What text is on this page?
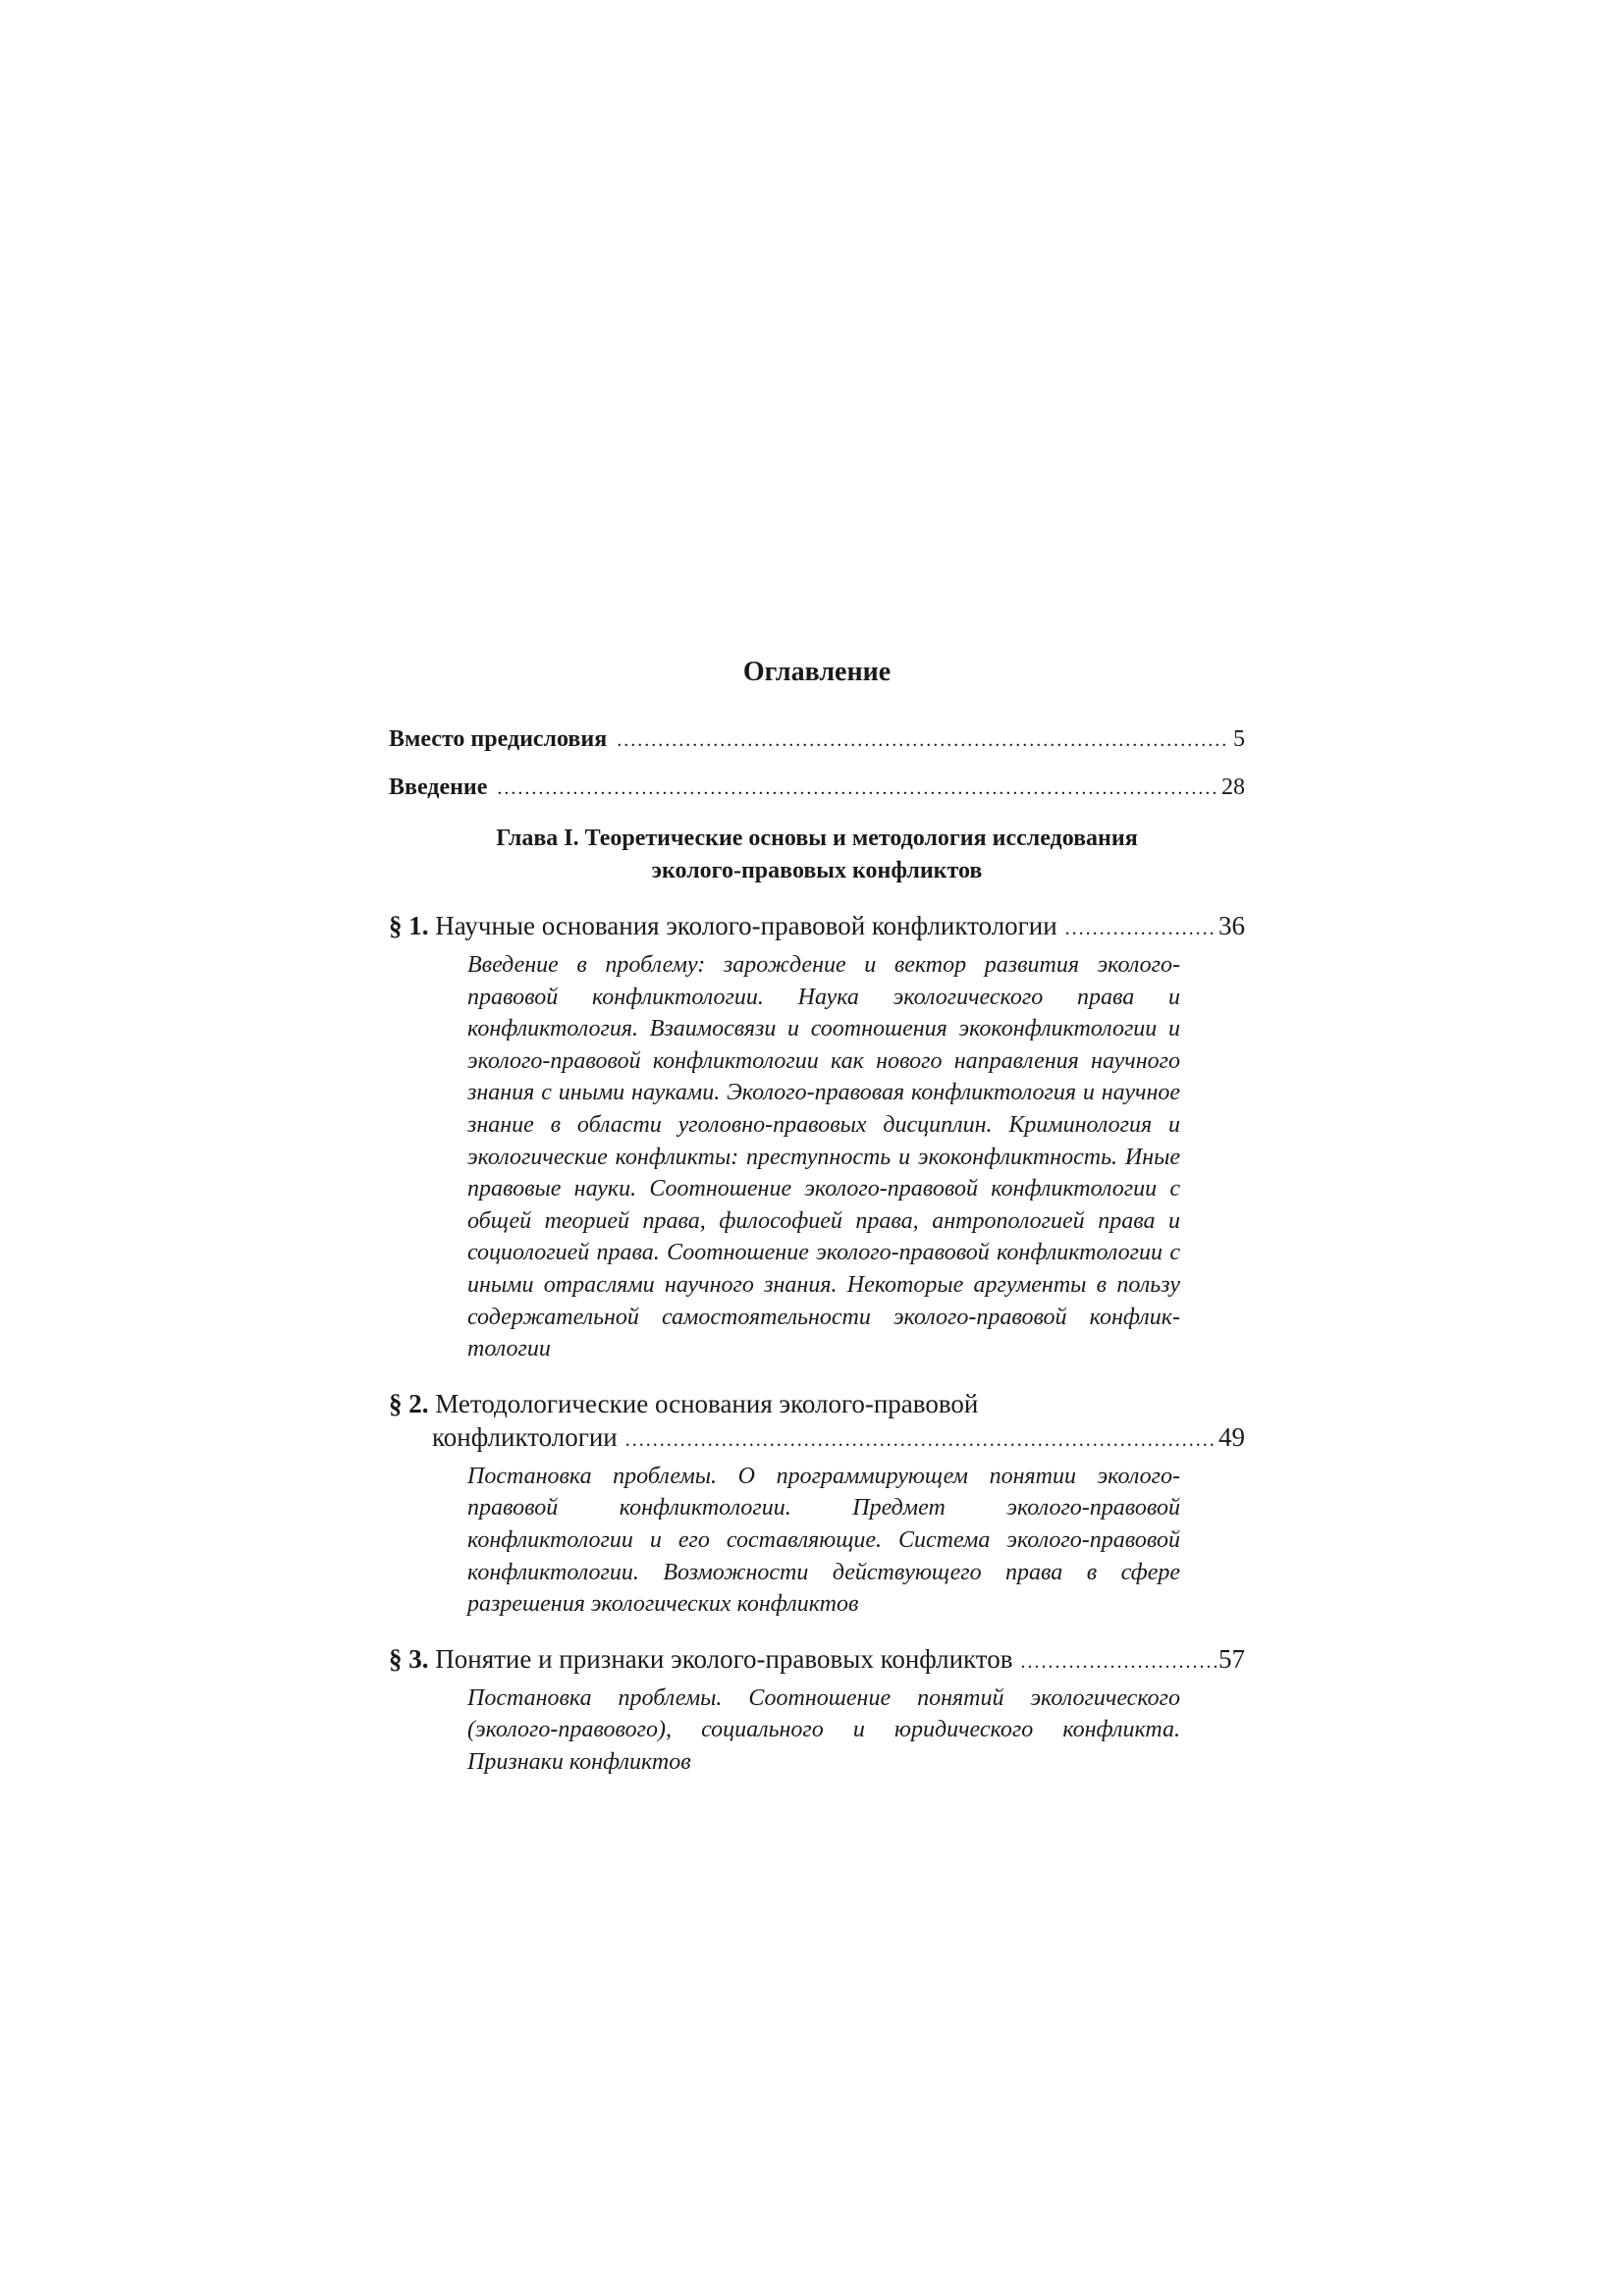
Оглавление
Вместо предисловия . . .	5
Введение . . .	28
Глава I. Теоретические основы и методология исследования
эколого-правовых конфликтов
§ 1.
Научные основания эколого-правовой конфликтологии . . .	36
Введение в проблему: зарождение и вектор развития эколого-правовой конфликтологии. Наука экологического права и конфликтология. Взаимосвязи и соотношения экоконфликтологии и эколого-правовой конфликтологии как нового направления научного знания с иными науками. Эколого-правовая конфликтология и научное знание в области уголовно-правовых дисциплин. Криминология и экологические конфликты: преступность и экоконфликтность. Иные правовые науки. Соотношение эколого-правовой конфликтологии с общей теорией права, философией права, антропологией права и социологией права. Соотношение эколого-правовой конфликтологии с иными отраслями научного знания. Некоторые аргументы в пользу содержательной самостоятельности эколого-правовой конфликтологии
§ 2. Методологические основания эколого-правовой
конфликтологии . . .	49
Постановка проблемы. О программирующем понятии эколого-правовой конфликтологии. Предмет эколого-правовой конфликтологии и его составляющие. Система эколого-правовой конфликтологии. Возможности действующего права в сфере разрешения экологических конфликтов
§ 3.
Понятие и признаки эколого-правовых конфликтов . . .	57
Постановка проблемы. Соотношение понятий экологического (эколого-правового), социального и юридического конфликта. Признаки конфликтов
